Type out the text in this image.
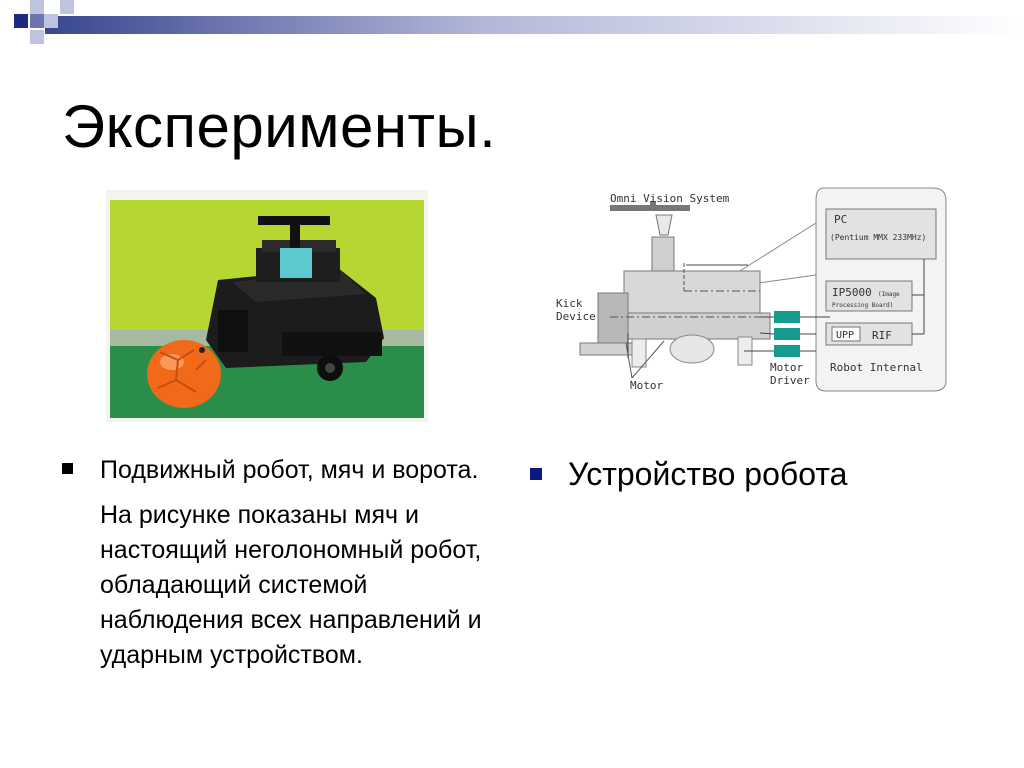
Эксперименты.
PC
(Pentium MMX 233MHz)
IP5000 (Image
Processing Board)
UPP RIF
Omni Vision System
Kick
Device
Motor
Motor
Driver
Robot Internal
Подвижный робот, мяч и ворота.
На рисунке показаны мяч и настоящий неголономный робот, обладающий системой наблюдения всех направлений и ударным устройством.
Устройство робота
